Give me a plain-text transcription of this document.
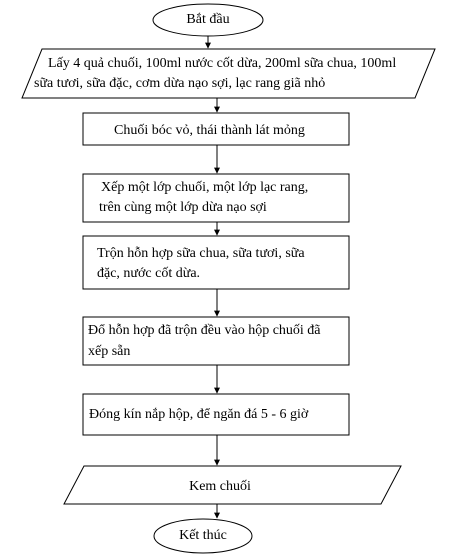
Bắt đầu
Lấy 4 quả chuối, 100ml nước cốt dừa, 200ml sữa chua, 100ml
sữa tươi, sữa đặc, cơm dừa nạo sợi, lạc rang giã nhỏ
Chuối bóc vỏ, thái thành lát mỏng
Xếp một lớp chuối, một lớp lạc rang,
trên cùng một lớp dừa nạo sợi
Trộn hỗn hợp sữa chua, sữa tươi, sữa
đặc, nước cốt dừa.
Đổ hỗn hợp đã trộn đều vào hộp chuối đã
xếp sẵn
Đóng kín nắp hộp, để ngăn đá 5 - 6 giờ
Kem chuối
Kết thúc
